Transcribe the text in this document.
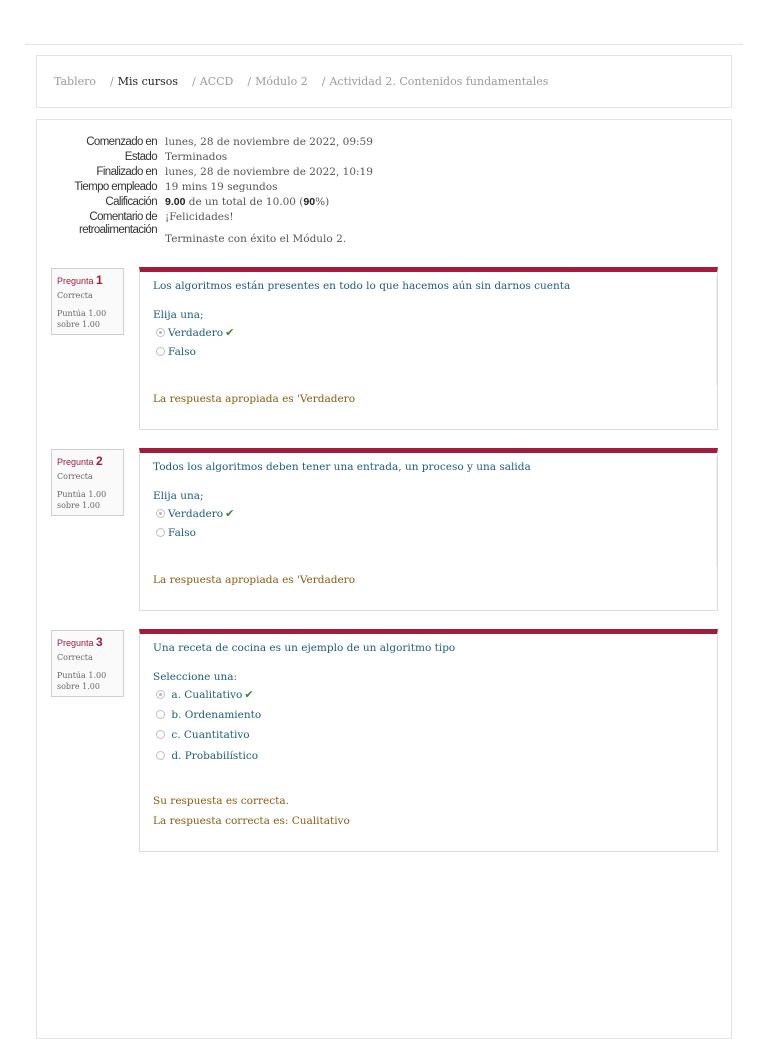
Tablero / Mis cursos / ACCD / Módulo 2 / Actividad 2. Contenidos fundamentales
Comenzado en lunes, 28 de noviembre de 2022, 09:59
Estado Terminados
Finalizado en lunes, 28 de noviembre de 2022, 10:19
Tiempo empleado 19 mins 19 segundos
Calificación 9.00 de un total de 10.00 (90%)
Comentario de ¡Felicidades!
retroalimentación
Terminaste con éxito el Módulo 2.
Pregunta 1
Correcta
Puntúa 1.00
sobre 1.00
Los algoritmos están presentes en todo lo que hacemos aún sin darnos cuenta
Elija una;
Verdadero ✔
Falso
La respuesta apropiada es 'Verdadero
Pregunta 2
Correcta
Puntúa 1.00
sobre 1.00
Todos los algoritmos deben tener una entrada, un proceso y una salida
Elija una;
Verdadero ✔
Falso
La respuesta apropiada es 'Verdadero
Pregunta 3
Correcta
Puntúa 1.00
sobre 1.00
Una receta de cocina es un ejemplo de un algoritmo tipo
Seleccione una:
a. Cualitativo ✔
b. Ordenamiento
c. Cuantitativo
d. Probabilístico
Su respuesta es correcta.
La respuesta correcta es: Cualitativo
